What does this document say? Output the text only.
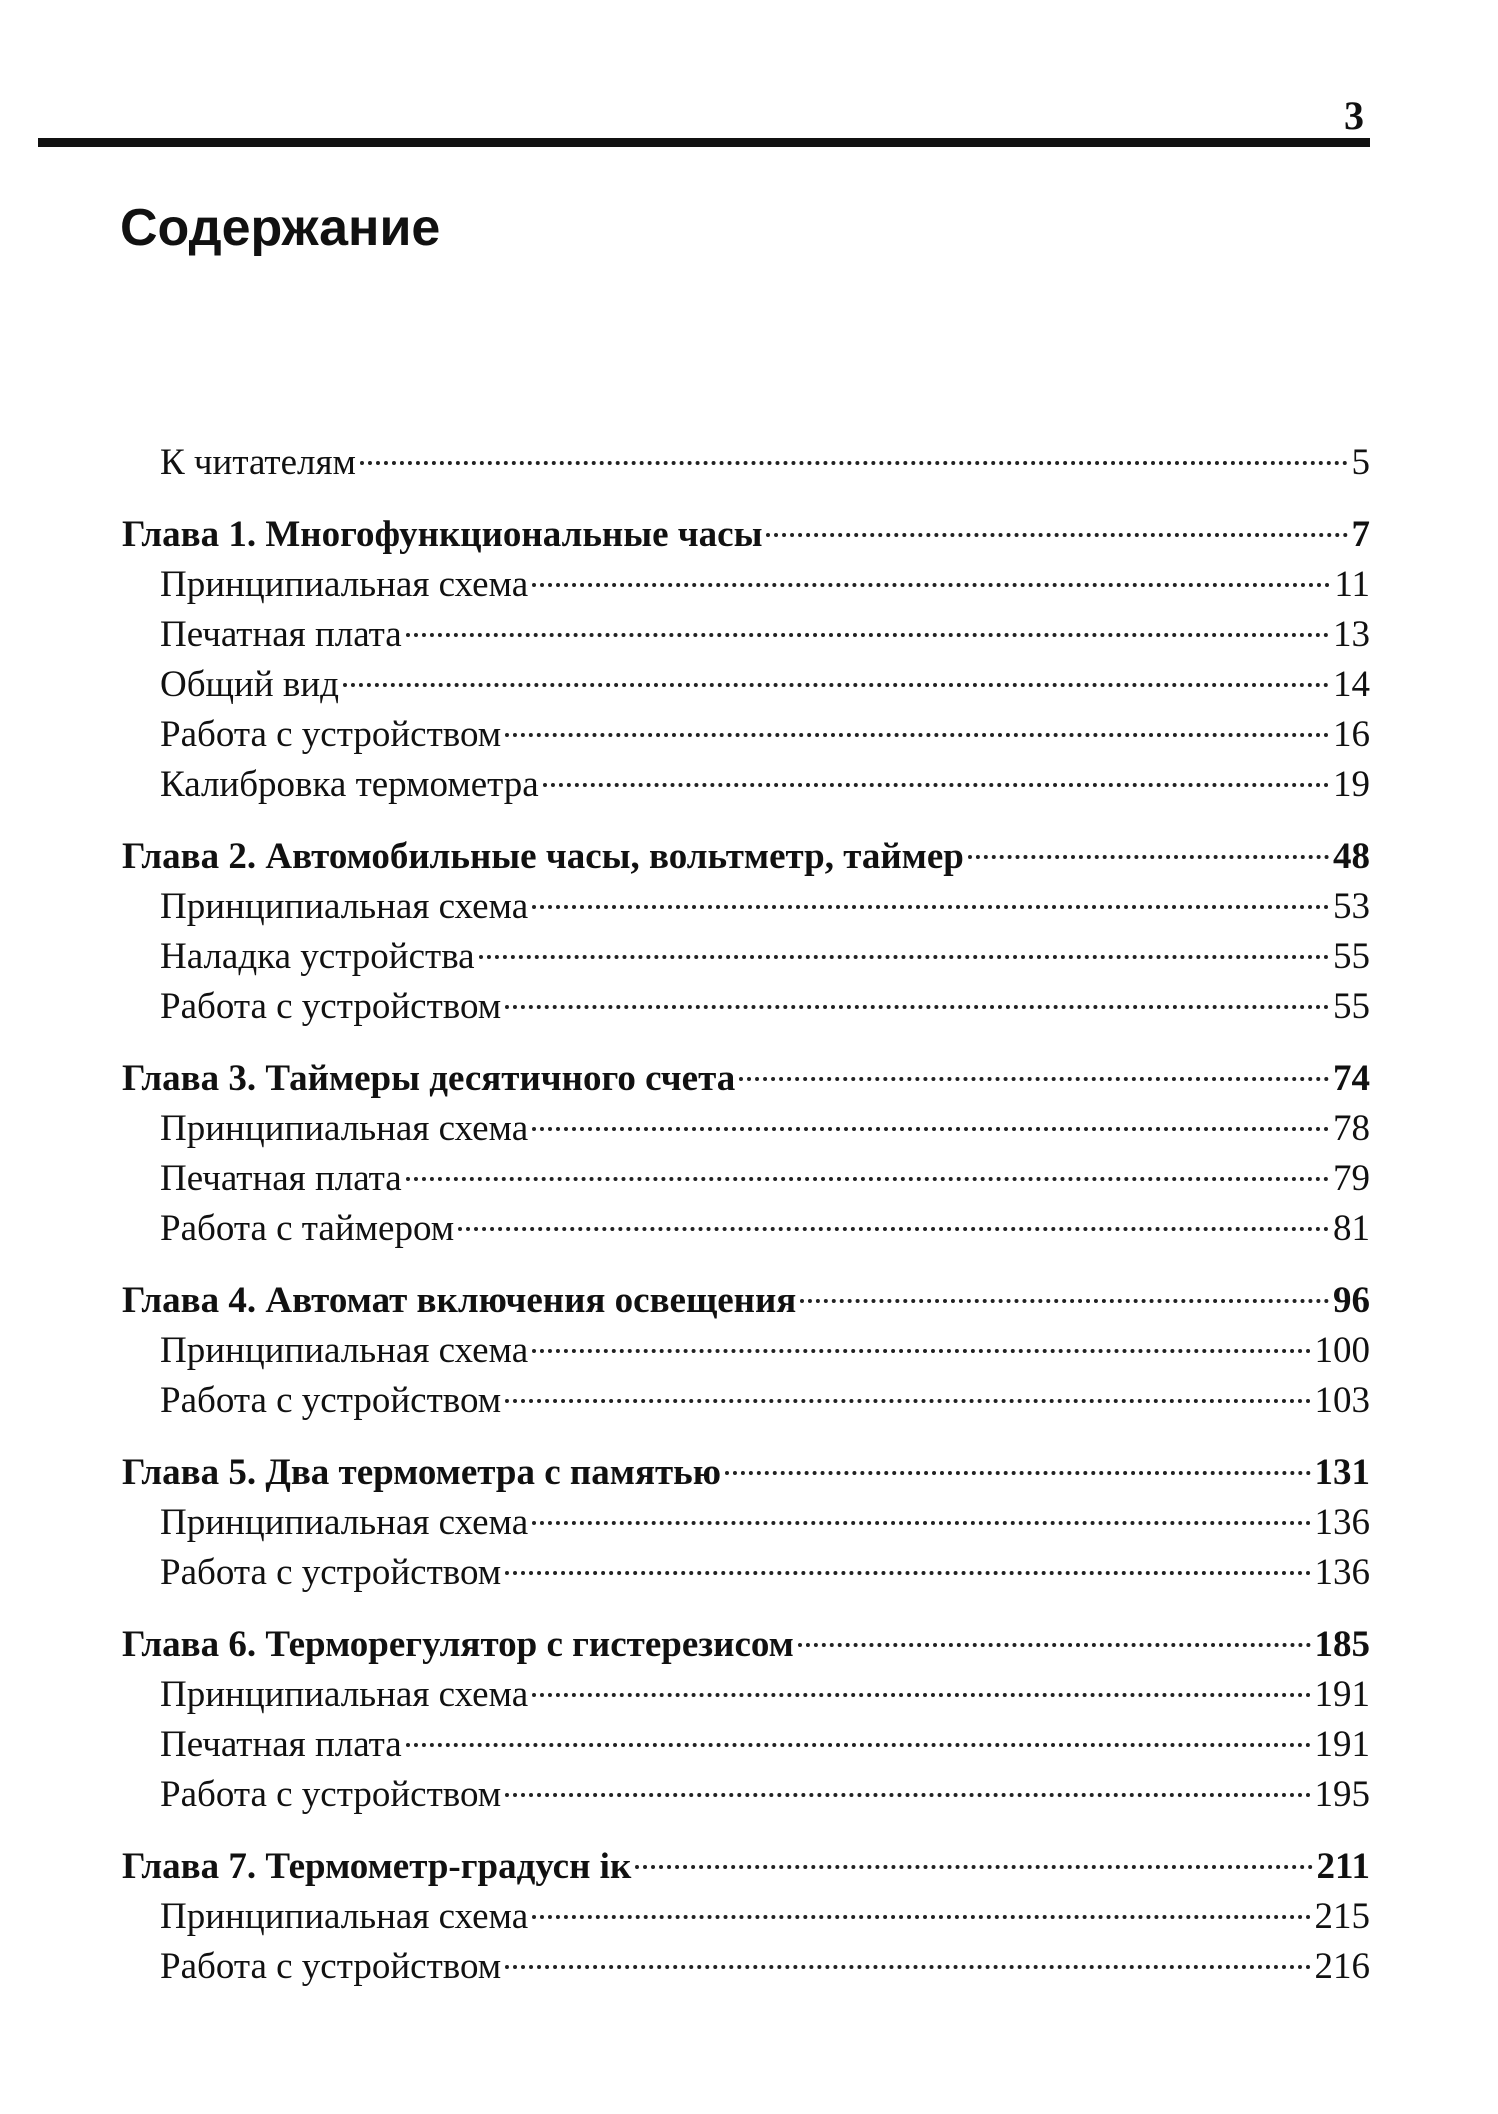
3
Содержание
К читателям	5
Глава 1. Многофункциональные часы	7
Принципиальная схема	11
Печатная плата	13
Общий вид	14
Работа с устройством	16
Калибровка термометра	19
Глава 2. Автомобильные часы, вольтметр, таймер	48
Принципиальная схема	53
Наладка устройства	55
Работа с устройством	55
Глава 3. Таймеры десятичного счета	74
Принципиальная схема	78
Печатная плата	79
Работа с таймером	81
Глава 4. Автомат включения освещения	96
Принципиальная схема	100
Работа с устройством	103
Глава 5. Два термометра с памятью	131
Принципиальная схема	136
Работа с устройством	136
Глава 6. Терморегулятор с гистерезисом	185
Принципиальная схема	191
Печатная плата	191
Работа с устройством	195
Глава 7. Термометр-градусн ік	211
Принципиальная схема	215
Работа с устройством	216
